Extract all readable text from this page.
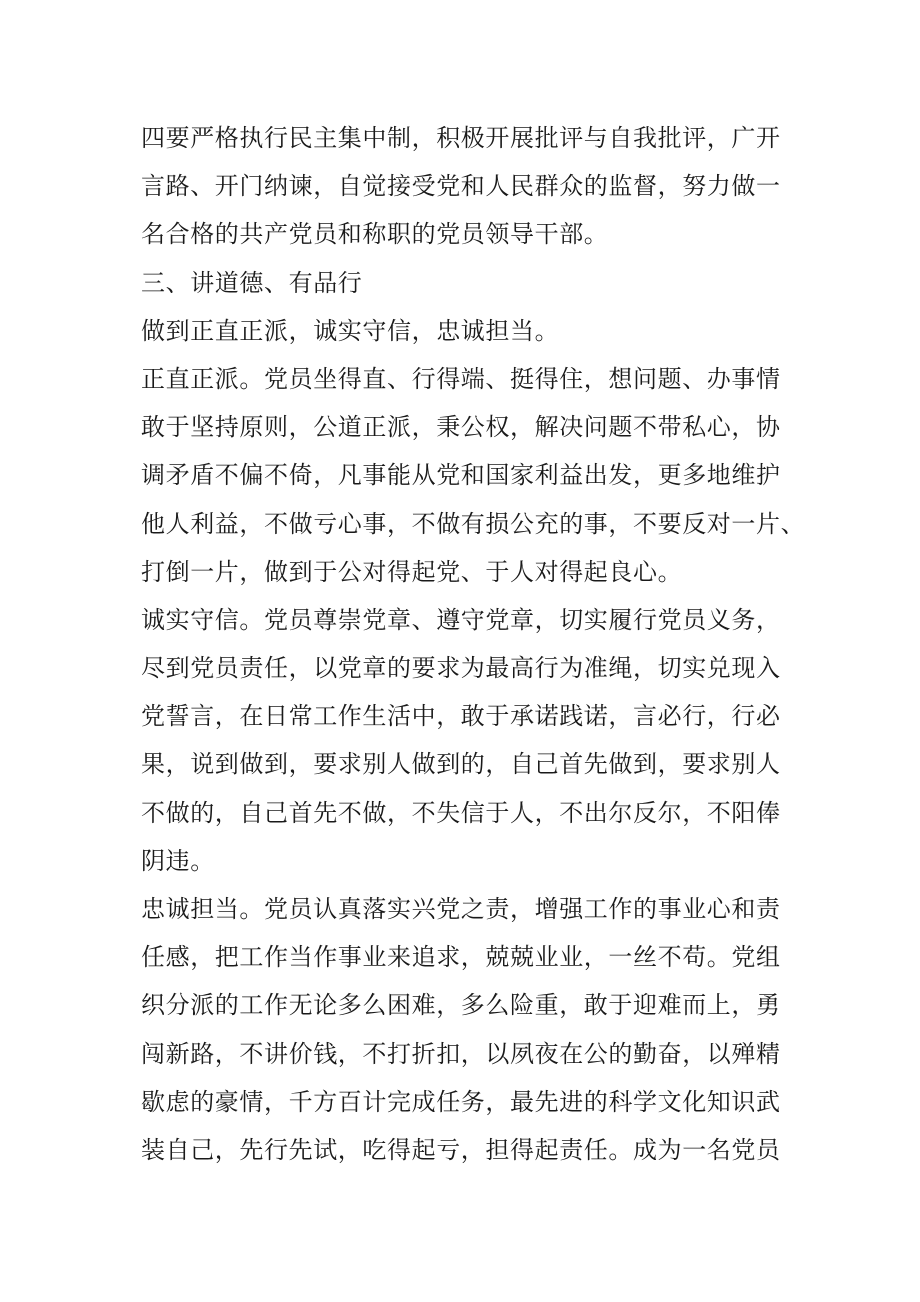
四要严格执行民主集中制，积极开展批评与自我批评，广开
言路、开门纳谏，自觉接受党和人民群众的监督，努力做一
名合格的共产党员和称职的党员领导干部。
三、讲道德、有品行
做到正直正派，诚实守信，忠诚担当。
正直正派。党员坐得直、行得端、挺得住，想问题、办事情
敢于坚持原则，公道正派，秉公权，解决问题不带私心，协
调矛盾不偏不倚，凡事能从党和国家利益出发，更多地维护
他人利益，不做亏心事，不做有损公充的事，不要反对一片、
打倒一片，做到于公对得起党、于人对得起良心。
诚实守信。党员尊崇党章、遵守党章，切实履行党员义务，
尽到党员责任，以党章的要求为最高行为准绳，切实兑现入
党誓言，在日常工作生活中，敢于承诺践诺，言必行，行必
果，说到做到，要求别人做到的，自己首先做到，要求别人
不做的，自己首先不做，不失信于人，不出尔反尔，不阳俸
阴违。
忠诚担当。党员认真落实兴党之责，增强工作的事业心和责
任感，把工作当作事业来追求，兢兢业业，一丝不苟。党组
织分派的工作无论多么困难，多么险重，敢于迎难而上，勇
闯新路，不讲价钱，不打折扣，以夙夜在公的勤奋，以殚精
歇虑的豪情，千方百计完成任务，最先进的科学文化知识武
装自己，先行先试，吃得起亏，担得起责任。成为一名党员
